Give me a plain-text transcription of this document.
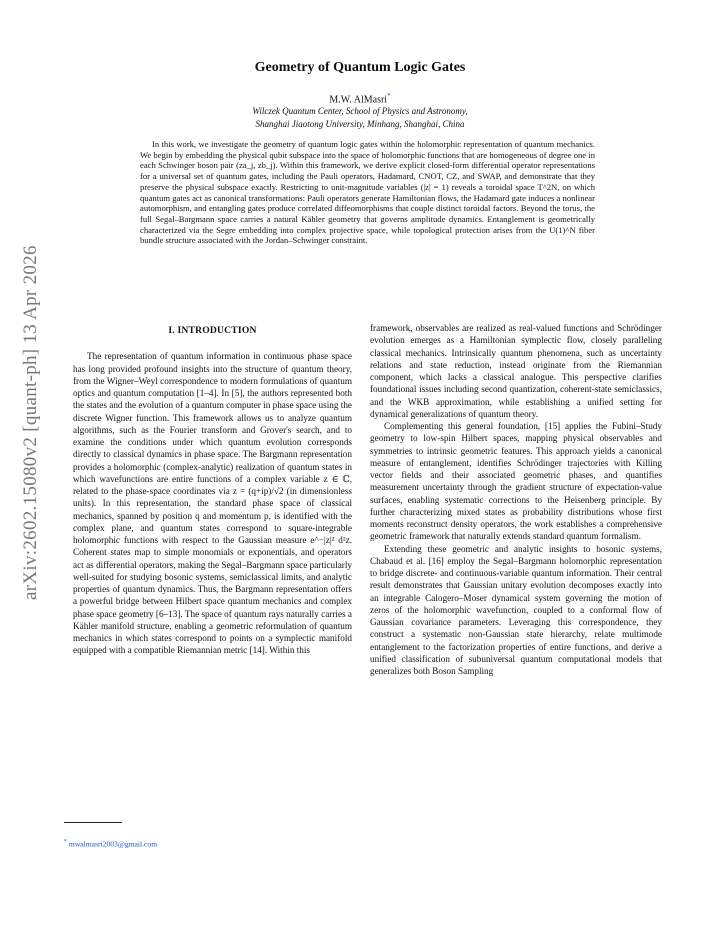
arXiv:2602.15080v2 [quant-ph] 13 Apr 2026
Geometry of Quantum Logic Gates
M.W. AlMasri*
Wilczek Quantum Center, School of Physics and Astronomy,
Shanghai Jiaotong University, Minhang, Shanghai, China

In this work, we investigate the geometry of quantum logic gates within the holomorphic representation of quantum mechanics. We begin by embedding the physical qubit subspace into the space of holomorphic functions that are homogeneous of degree one in each Schwinger boson pair (za_j, zb_j). Within this framework, we derive explicit closed-form differential operator representations for a universal set of quantum gates, including the Pauli operators, Hadamard, CNOT, CZ, and SWAP, and demonstrate that they preserve the physical subspace exactly. Restricting to unit-magnitude variables (|z| = 1) reveals a toroidal space T^2N, on which quantum gates act as canonical transformations: Pauli operators generate Hamiltonian flows, the Hadamard gate induces a nonlinear automorphism, and entangling gates produce correlated diffeomorphisms that couple distinct toroidal factors. Beyond the torus, the full Segal–Bargmann space carries a natural Kähler geometry that governs amplitude dynamics. Entanglement is geometrically characterized via the Segre embedding into complex projective space, while topological protection arises from the U(1)^N fiber bundle structure associated with the Jordan–Schwinger constraint.

I. INTRODUCTION

The representation of quantum information in continuous phase space has long provided profound insights into the structure of quantum theory, from the Wigner–Weyl correspondence to modern formulations of quantum optics and quantum computation [1–4]. In [5], the authors represented both the states and the evolution of a quantum computer in phase space using the discrete Wigner function. This framework allows us to analyze quantum algorithms, such as the Fourier transform and Grover's search, and to examine the conditions under which quantum evolution corresponds directly to classical dynamics in phase space. The Bargmann representation provides a holomorphic (complex-analytic) realization of quantum states in which wavefunctions are entire functions of a complex variable z ∈ ℂ, related to the phase-space coordinates via z = (q+ip)/√2 (in dimensionless units). In this representation, the standard phase space of classical mechanics, spanned by position q and momentum p, is identified with the complex plane, and quantum states correspond to square-integrable holomorphic functions with respect to the Gaussian measure e^−|z|² d²z. Coherent states map to simple monomials or exponentials, and operators act as differential operators, making the Segal–Bargmann space particularly well-suited for studying bosonic systems, semiclassical limits, and analytic properties of quantum dynamics. Thus, the Bargmann representation offers a powerful bridge between Hilbert space quantum mechanics and complex phase space geometry [6–13]. The space of quantum rays naturally carries a Kähler manifold structure, enabling a geometric reformulation of quantum mechanics in which states correspond to points on a symplectic manifold equipped with a compatible Riemannian metric [14]. Within this

framework, observables are realized as real-valued functions and Schrödinger evolution emerges as a Hamiltonian symplectic flow, closely paralleling classical mechanics. Intrinsically quantum phenomena, such as uncertainty relations and state reduction, instead originate from the Riemannian component, which lacks a classical analogue. This perspective clarifies foundational issues including second quantization, coherent-state semiclassics, and the WKB approximation, while establishing a unified setting for dynamical generalizations of quantum theory.

Complementing this general foundation, [15] applies the Fubini–Study geometry to low-spin Hilbert spaces, mapping physical observables and symmetries to intrinsic geometric features. This approach yields a canonical measure of entanglement, identifies Schrödinger trajectories with Killing vector fields and their associated geometric phases, and quantifies measurement uncertainty through the gradient structure of expectation-value surfaces, enabling systematic corrections to the Heisenberg principle. By further characterizing mixed states as probability distributions whose first moments reconstruct density operators, the work establishes a comprehensive geometric framework that naturally extends standard quantum formalism.

Extending these geometric and analytic insights to bosonic systems, Chabaud et al. [16] employ the Segal–Bargmann holomorphic representation to bridge discrete- and continuous-variable quantum information. Their central result demonstrates that Gaussian unitary evolution decomposes exactly into an integrable Calogero–Moser dynamical system governing the motion of zeros of the holomorphic wavefunction, coupled to a conformal flow of Gaussian covariance parameters. Leveraging this correspondence, they construct a systematic non-Gaussian state hierarchy, relate multimode entanglement to the factorization properties of entire functions, and derive a unified classification of subuniversal quantum computational models that generalizes both Boson Sampling

* mwalmasri2003@gmail.com
